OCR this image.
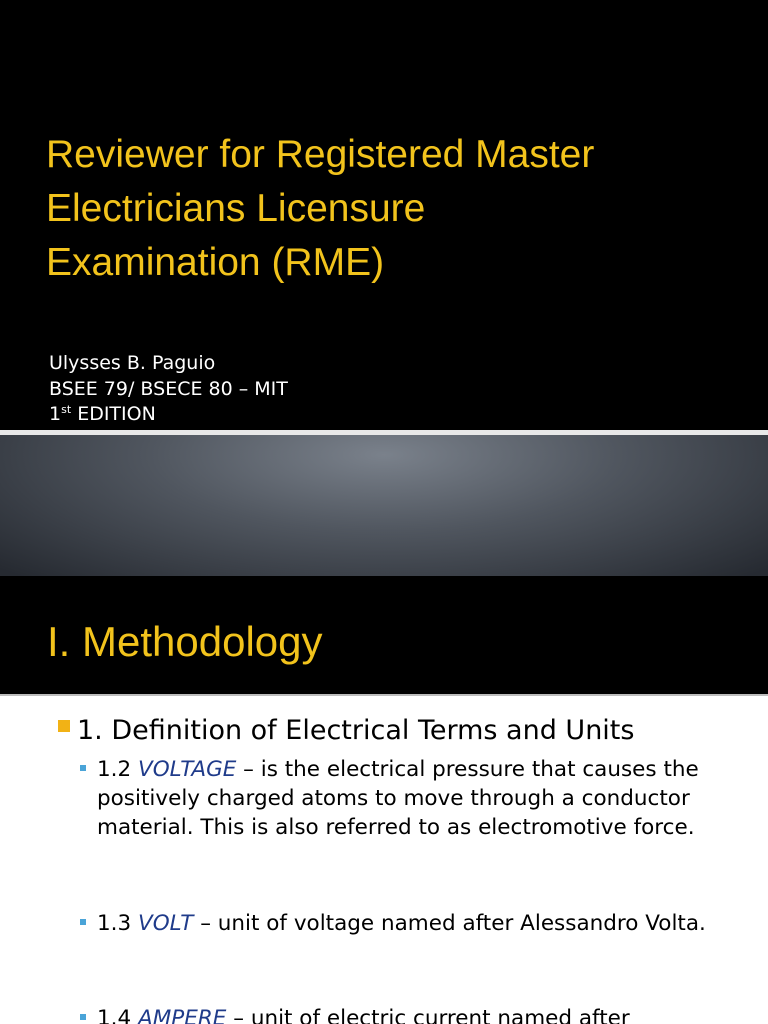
Reviewer for Registered Master
Electricians Licensure
Examination (RME)
Ulysses B. Paguio
BSEE 79/ BSECE 80 – MIT
1st EDITION
I. Methodology
1. Definition of Electrical Terms and Units
1.2 VOLTAGE – is the electrical pressure that causes the positively charged atoms to move through a conductor material. This is also referred to as electromotive force.
1.3 VOLT – unit of voltage named after Alessandro Volta.
1.4 AMPERE – unit of electric current named after
